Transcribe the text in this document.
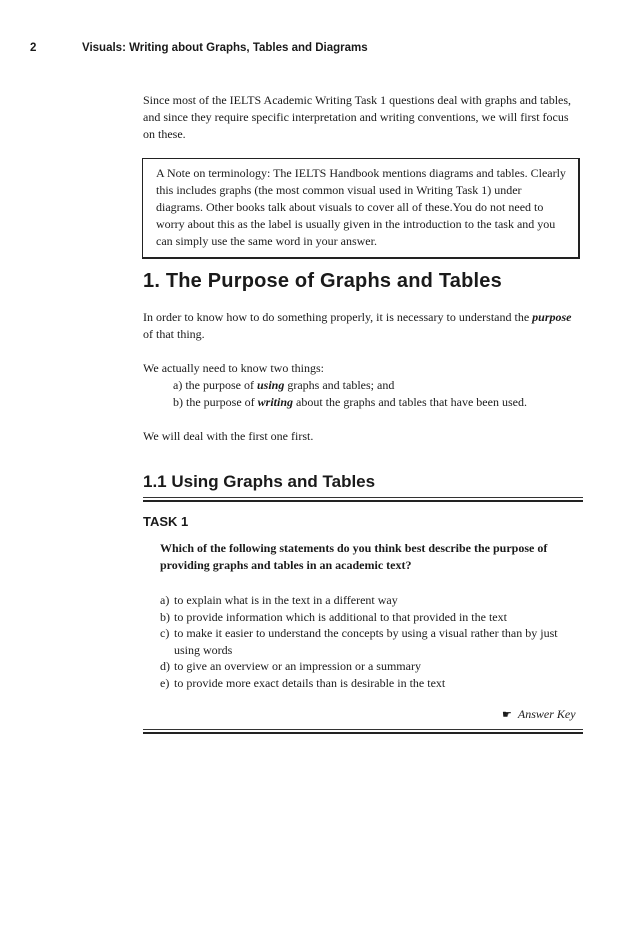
2	Visuals: Writing about Graphs, Tables and Diagrams
Since most of the IELTS Academic Writing Task 1 questions deal with graphs and tables, and since they require specific interpretation and writing conventions, we will first focus on these.
A Note on terminology: The IELTS Handbook mentions diagrams and tables. Clearly this includes graphs (the most common visual used in Writing Task 1) under diagrams. Other books talk about visuals to cover all of these.You do not need to worry about this as the label is usually given in the introduction to the task and you can simply use the same word in your answer.
1. The Purpose of Graphs and Tables
In order to know how to do something properly, it is necessary to understand the purpose of that thing.
We actually need to know two things:
a) the purpose of using graphs and tables; and
b) the purpose of writing about the graphs and tables that have been used.
We will deal with the first one first.
1.1 Using Graphs and Tables
TASK 1
Which of the following statements do you think best describe the purpose of providing graphs and tables in an academic text?
a) to explain what is in the text in a different way
b) to provide information which is additional to that provided in the text
c) to make it easier to understand the concepts by using a visual rather than by just using words
d) to give an overview or an impression or a summary
e) to provide more exact details than is desirable in the text
☛ Answer Key
